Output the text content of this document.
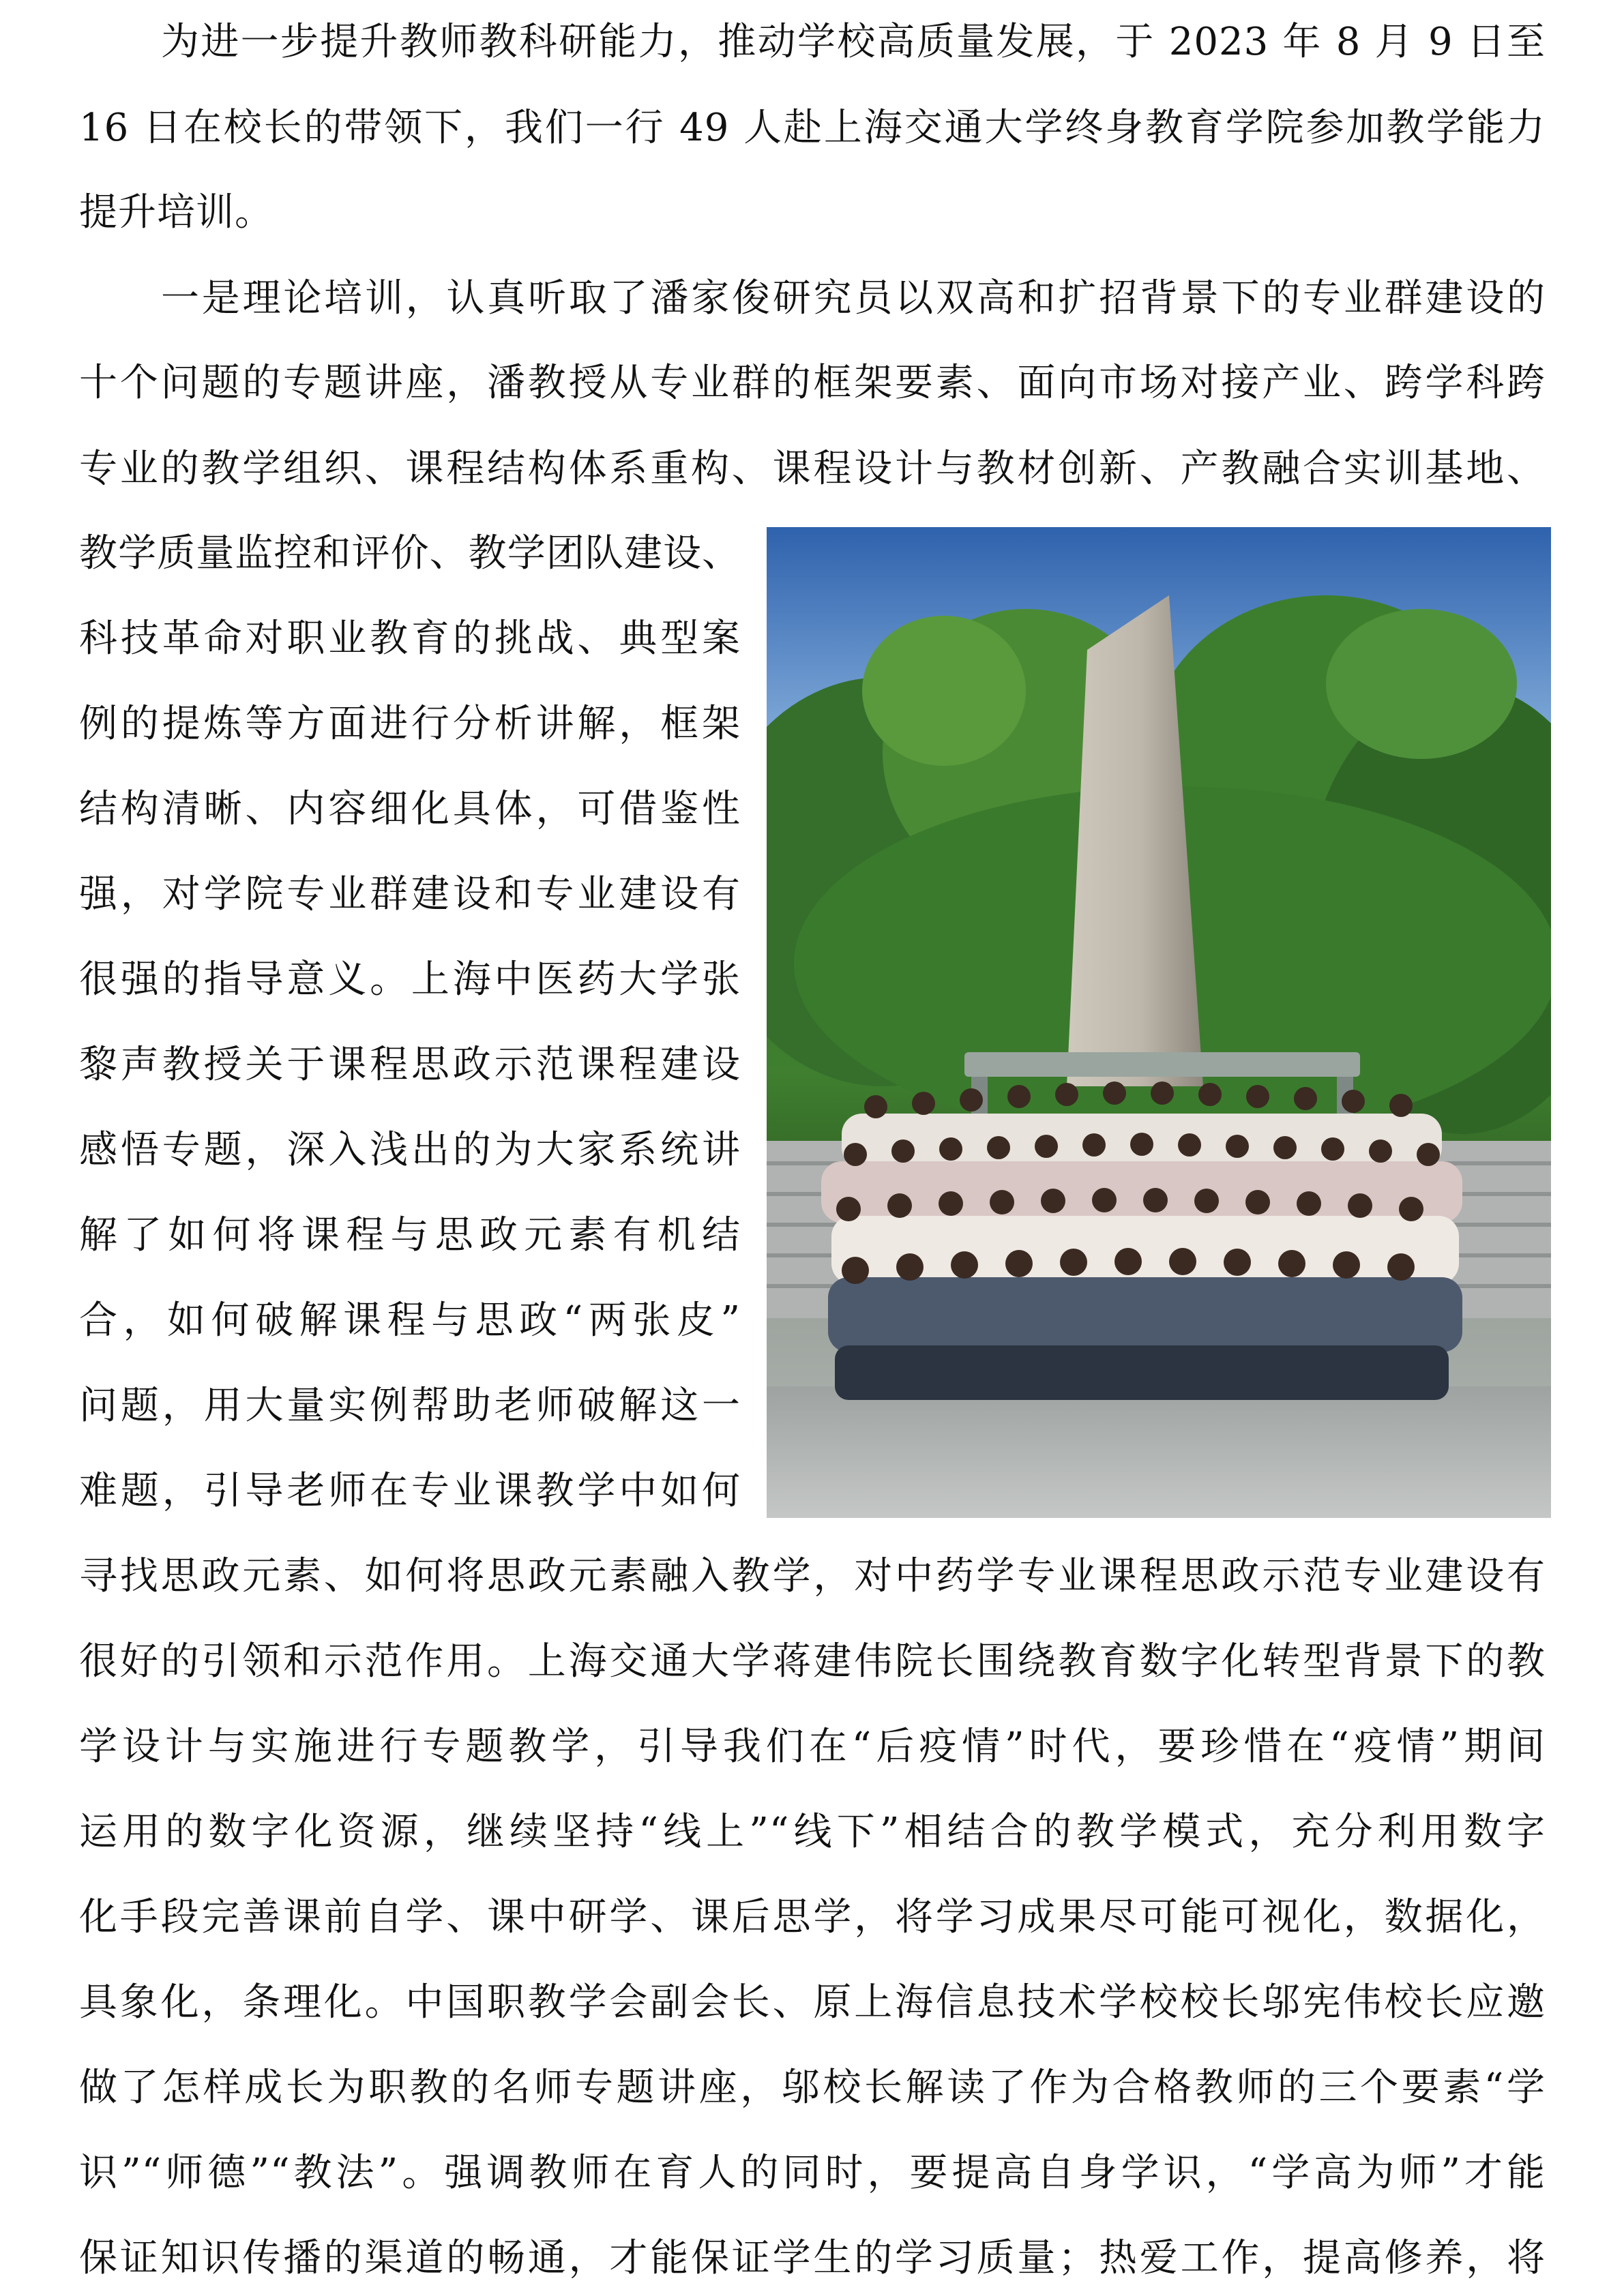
为进一步提升教师教科研能力，推动学校高质量发展，于 2023 年 8 月 9 日至
16 日在校长的带领下，我们一行 49 人赴上海交通大学终身教育学院参加教学能力
提升培训。
一是理论培训，认真听取了潘家俊研究员以双高和扩招背景下的专业群建设的
十个问题的专题讲座，潘教授从专业群的框架要素、面向市场对接产业、跨学科跨
专业的教学组织、课程结构体系重构、课程设计与教材创新、产教融合实训基地、
教学质量监控和评价、教学团队建设、
科技革命对职业教育的挑战、典型案
例的提炼等方面进行分析讲解，框架
结构清晰、内容细化具体，可借鉴性
强，对学院专业群建设和专业建设有
很强的指导意义。上海中医药大学张
黎声教授关于课程思政示范课程建设
感悟专题，深入浅出的为大家系统讲
解了如何将课程与思政元素有机结
合，如何破解课程与思政“两张皮”
问题，用大量实例帮助老师破解这一
难题，引导老师在专业课教学中如何
寻找思政元素、如何将思政元素融入教学，对中药学专业课程思政示范专业建设有
很好的引领和示范作用。上海交通大学蒋建伟院长围绕教育数字化转型背景下的教
学设计与实施进行专题教学，引导我们在“后疫情”时代，要珍惜在“疫情”期间
运用的数字化资源，继续坚持“线上”“线下”相结合的教学模式，充分利用数字
化手段完善课前自学、课中研学、课后思学，将学习成果尽可能可视化，数据化，
具象化，条理化。中国职教学会副会长、原上海信息技术学校校长邬宪伟校长应邀
做了怎样成长为职教的名师专题讲座，邬校长解读了作为合格教师的三个要素“学
识”“师德”“教法”。强调教师在育人的同时，要提高自身学识，“学高为师”才能
保证知识传播的渠道的畅通，才能保证学生的学习质量；热爱工作，提高修养，将
